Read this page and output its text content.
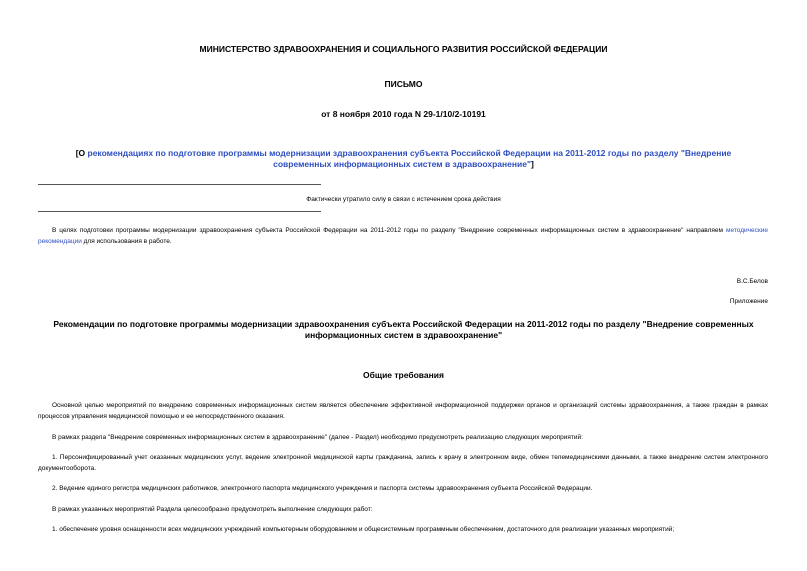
МИНИСТЕРСТВО ЗДРАВООХРАНЕНИЯ И СОЦИАЛЬНОГО РАЗВИТИЯ РОССИЙСКОЙ ФЕДЕРАЦИИ
ПИСЬМО
от 8 ноября 2010 года N 29-1/10/2-10191
[О рекомендациях по подготовке программы модернизации здравоохранения субъекта Российской Федерации на 2011-2012 годы по разделу "Внедрение современных информационных систем в здравоохранение"]
Фактически утратило силу в связи с истечением срока действия

В целях подготовки программы модернизации здравоохранения субъекта Российской Федерации на 2011-2012 годы по разделу "Внедрение современных информационных систем в здравоохранение" направляем методические рекомендации для использования в работе.

В.С.Белов
Приложение
Рекомендации по подготовке программы модернизации здравоохранения субъекта Российской Федерации на 2011-2012 годы по разделу "Внедрение современных информационных систем в здравоохранение"
Общие требования

Основной целью мероприятий по внедрению современных информационных систем является обеспечение эффективной информационной поддержки органов и организаций системы здравоохранения, а также граждан в рамках процессов управления медицинской помощью и ее непосредственного оказания.

В рамках раздела "Внедрение современных информационных систем в здравоохранение" (далее - Раздел) необходимо предусмотреть реализацию следующих мероприятий:

1. Персонифицированный учет оказанных медицинских услуг, ведение электронной медицинской карты гражданина, запись к врачу в электронном виде, обмен телемедицинскими данными, а также внедрение систем электронного документооборота.

2. Ведение единого регистра медицинских работников, электронного паспорта медицинского учреждения и паспорта системы здравоохранения субъекта Российской Федерации.

В рамках указанных мероприятий Раздела целесообразно предусмотреть выполнение следующих работ:

1. обеспечение уровня оснащенности всех медицинских учреждений компьютерным оборудованием и общесистемным программным обеспечением, достаточного для реализации указанных мероприятий;
